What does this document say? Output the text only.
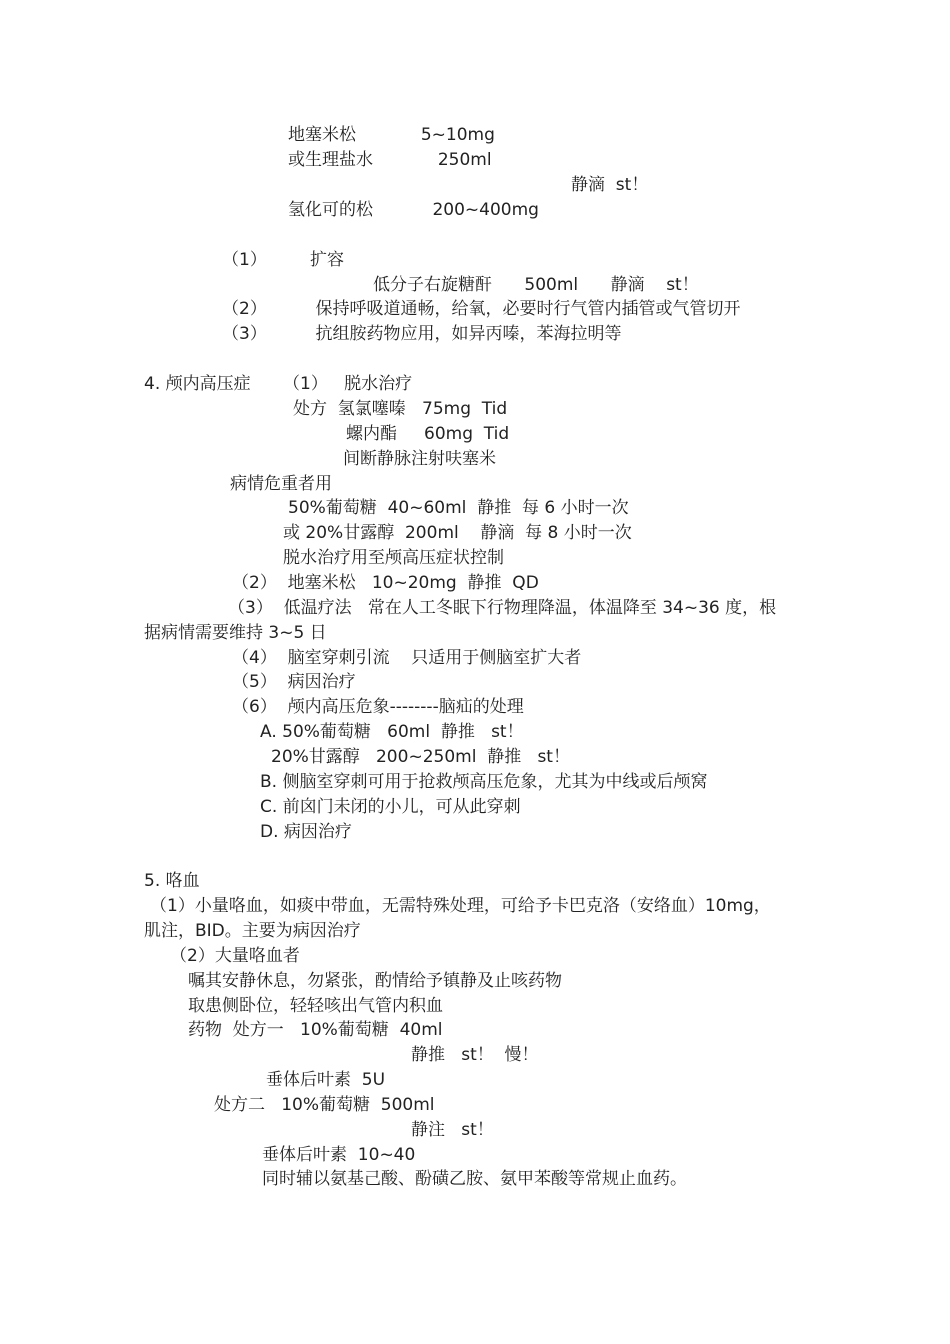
地塞米松            5~10mg
或生理盐水            250ml
静滴  st！
氢化可的松           200~400mg
（1）        扩容
低分子右旋糖酐      500ml      静滴    st！
（2）         保持呼吸道通畅，给氧，必要时行气管内插管或气管切开
（3）         抗组胺药物应用，如异丙嗪，苯海拉明等
4. 颅内高压症      （1）   脱水治疗
处方  氢氯噻嗪   75mg  Tid
螺内酯     60mg  Tid
间断静脉注射呋塞米
病情危重者用
50%葡萄糖  40~60ml  静推  每 6 小时一次
或 20%甘露醇  200ml    静滴  每 8 小时一次
脱水治疗用至颅高压症状控制
（2）  地塞米松   10~20mg  静推  QD
（3）  低温疗法   常在人工冬眠下行物理降温，体温降至 34~36 度，根
据病情需要维持 3~5 日
（4）  脑室穿刺引流    只适用于侧脑室扩大者
（5）  病因治疗
（6）  颅内高压危象--------脑疝的处理
A. 50%葡萄糖   60ml  静推   st！
20%甘露醇   200~250ml  静推   st！
B. 侧脑室穿刺可用于抢救颅高压危象，尤其为中线或后颅窝
C. 前囟门未闭的小儿，可从此穿刺
D. 病因治疗
5. 咯血
（1）小量咯血，如痰中带血，无需特殊处理，可给予卡巴克洛（安络血）10mg，
肌注，BID。主要为病因治疗
（2）大量咯血者
嘱其安静休息，勿紧张，酌情给予镇静及止咳药物
取患侧卧位，轻轻咳出气管内积血
药物  处方一   10%葡萄糖  40ml
静推   st！  慢！
垂体后叶素  5U
处方二   10%葡萄糖  500ml
静注   st！
垂体后叶素  10~40
同时辅以氨基己酸、酚磺乙胺、氨甲苯酸等常规止血药。
